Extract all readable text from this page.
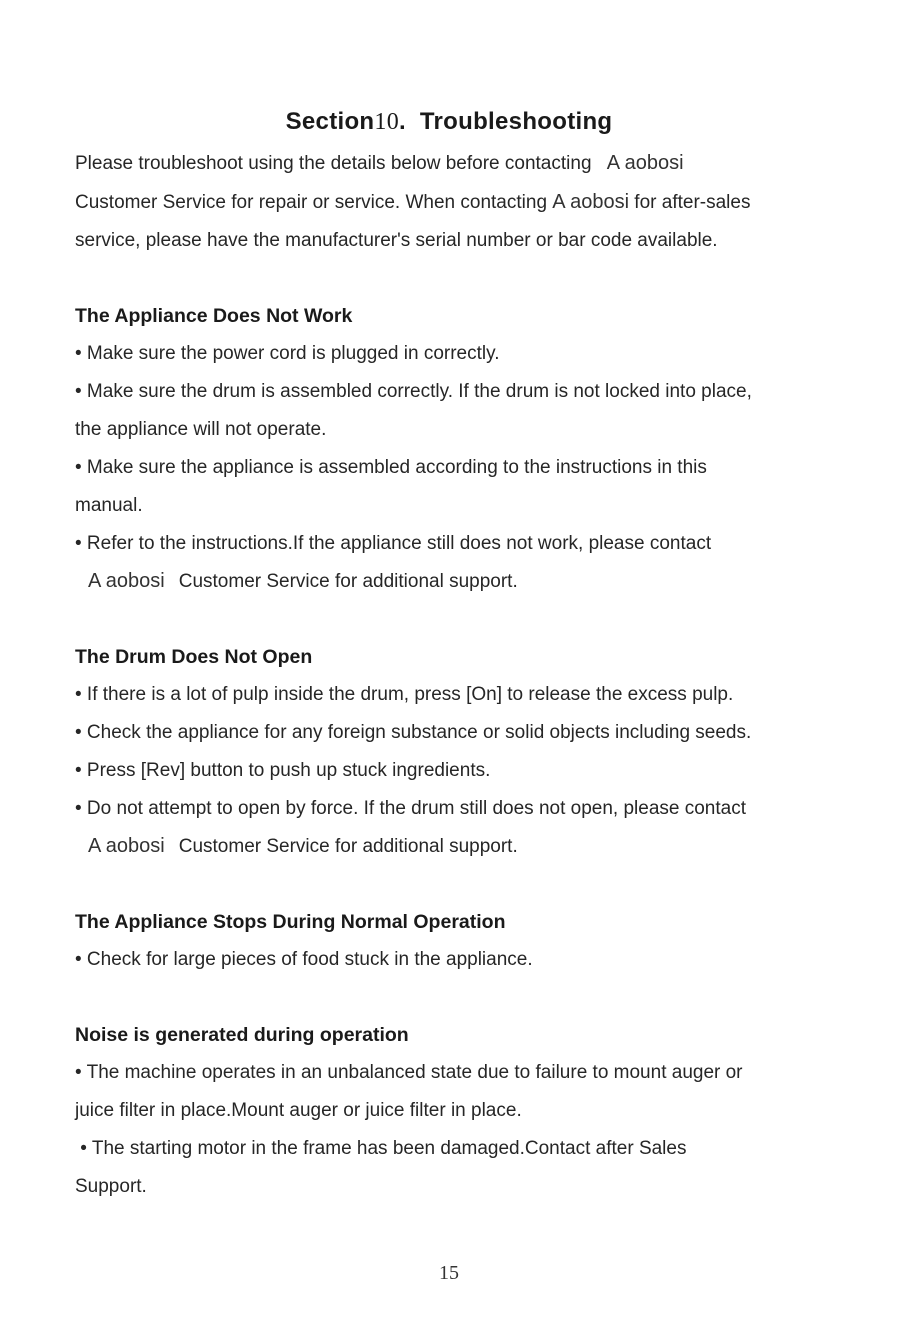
Section10.  Troubleshooting
Please troubleshoot using the details below before contacting A aobosi
Customer Service for repair or service. When contacting A aobosi for after-sales
service, please have the manufacturer's serial number or bar code available.
The Appliance Does Not Work
• Make sure the power cord is plugged in correctly.
• Make sure the drum is assembled correctly. If the drum is not locked into place,
the appliance will not operate.
• Make sure the appliance is assembled according to the instructions in this
manual.
• Refer to the instructions.If the appliance still does not work, please contact
A aobosi Customer Service for additional support.
The Drum Does Not Open
• If there is a lot of pulp inside the drum, press [On] to release the excess pulp.
• Check the appliance for any foreign substance or solid objects including seeds.
• Press [Rev] button to push up stuck ingredients.
• Do not attempt to open by force. If the drum still does not open, please contact
A aobosi Customer Service for additional support.
The Appliance Stops During Normal Operation
• Check for large pieces of food stuck in the appliance.
Noise is generated during operation
• The machine operates in an unbalanced state due to failure to mount auger or
juice filter in place.Mount auger or juice filter in place.
• The starting motor in the frame has been damaged.Contact after Sales
Support.
15
